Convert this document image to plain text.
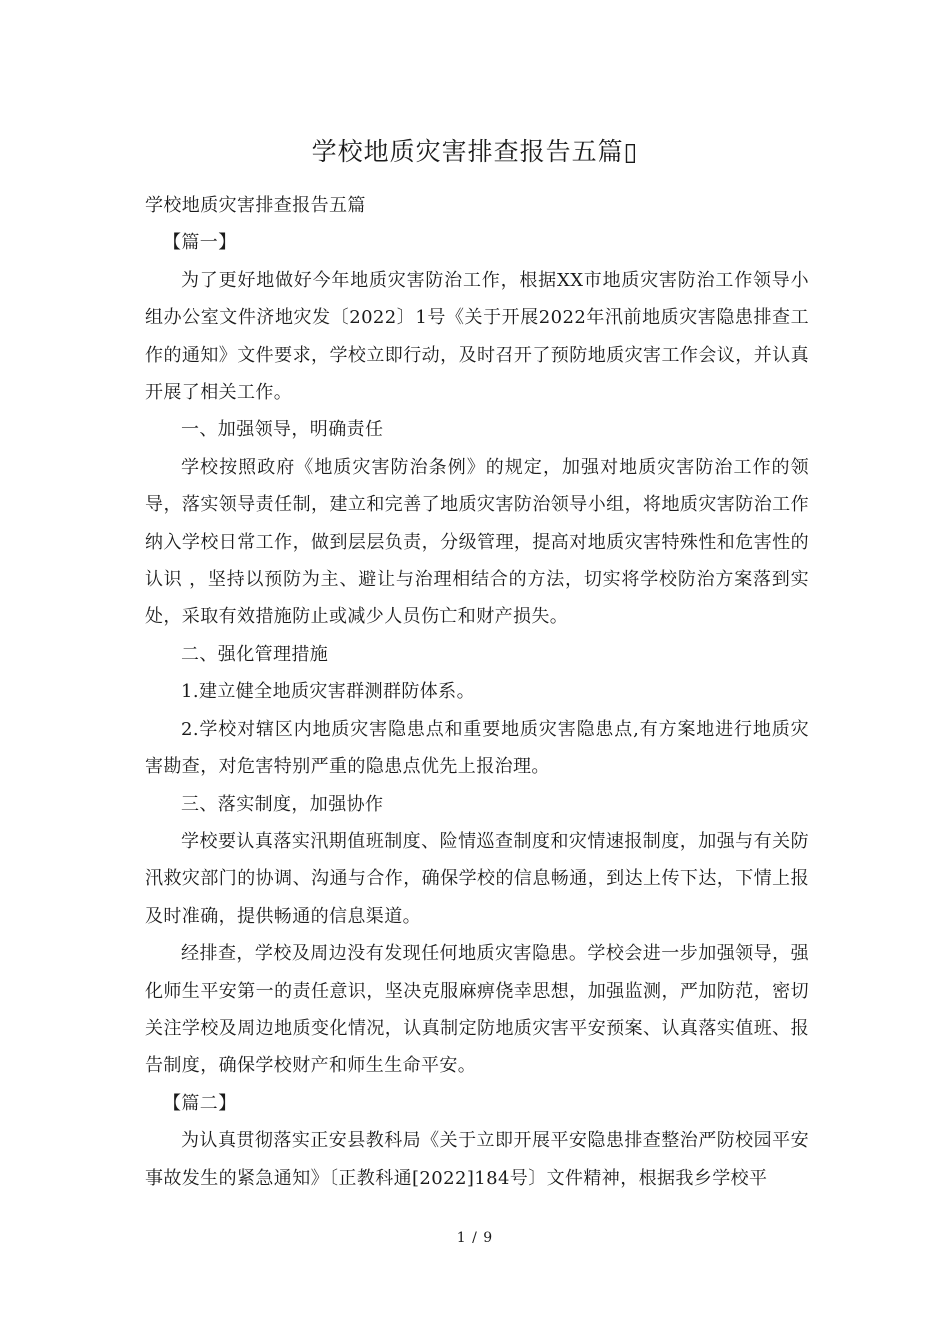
学校地质灾害排查报告五篇▯

学校地质灾害排查报告五篇

【篇一】

为了更好地做好今年地质灾害防治工作，根据XX市地质灾害防治工作领导小组办公室文件济地灾发〔2022〕1号《关于开展2022年汛前地质灾害隐患排查工作的通知》文件要求，学校立即行动，及时召开了预防地质灾害工作会议，并认真开展了相关工作。

一、加强领导，明确责任

学校按照政府《地质灾害防治条例》的规定，加强对地质灾害防治工作的领导，落实领导责任制，建立和完善了地质灾害防治领导小组，将地质灾害防治工作纳入学校日常工作，做到层层负责，分级管理，提高对地质灾害特殊性和危害性的认识 ，坚持以预防为主、避让与治理相结合的方法，切实将学校防治方案落到实处，采取有效措施防止或减少人员伤亡和财产损失。

二、强化管理措施

1.建立健全地质灾害群测群防体系。

2.学校对辖区内地质灾害隐患点和重要地质灾害隐患点,有方案地进行地质灾害勘查，对危害特别严重的隐患点优先上报治理。

三、落实制度，加强协作

学校要认真落实汛期值班制度、险情巡查制度和灾情速报制度，加强与有关防汛救灾部门的协调、沟通与合作，确保学校的信息畅通，到达上传下达，下情上报及时准确，提供畅通的信息渠道。

经排查，学校及周边没有发现任何地质灾害隐患。学校会进一步加强领导，强化师生平安第一的责任意识，坚决克服麻痹侥幸思想，加强监测，严加防范，密切关注学校及周边地质变化情况，认真制定防地质灾害平安预案、认真落实值班、报告制度，确保学校财产和师生生命平安。

【篇二】

为认真贯彻落实正安县教科局《关于立即开展平安隐患排查整治严防校园平安事故发生的紧急通知》〔正教科通[2022]184号〕文件精神，根据我乡学校平

1 / 9
